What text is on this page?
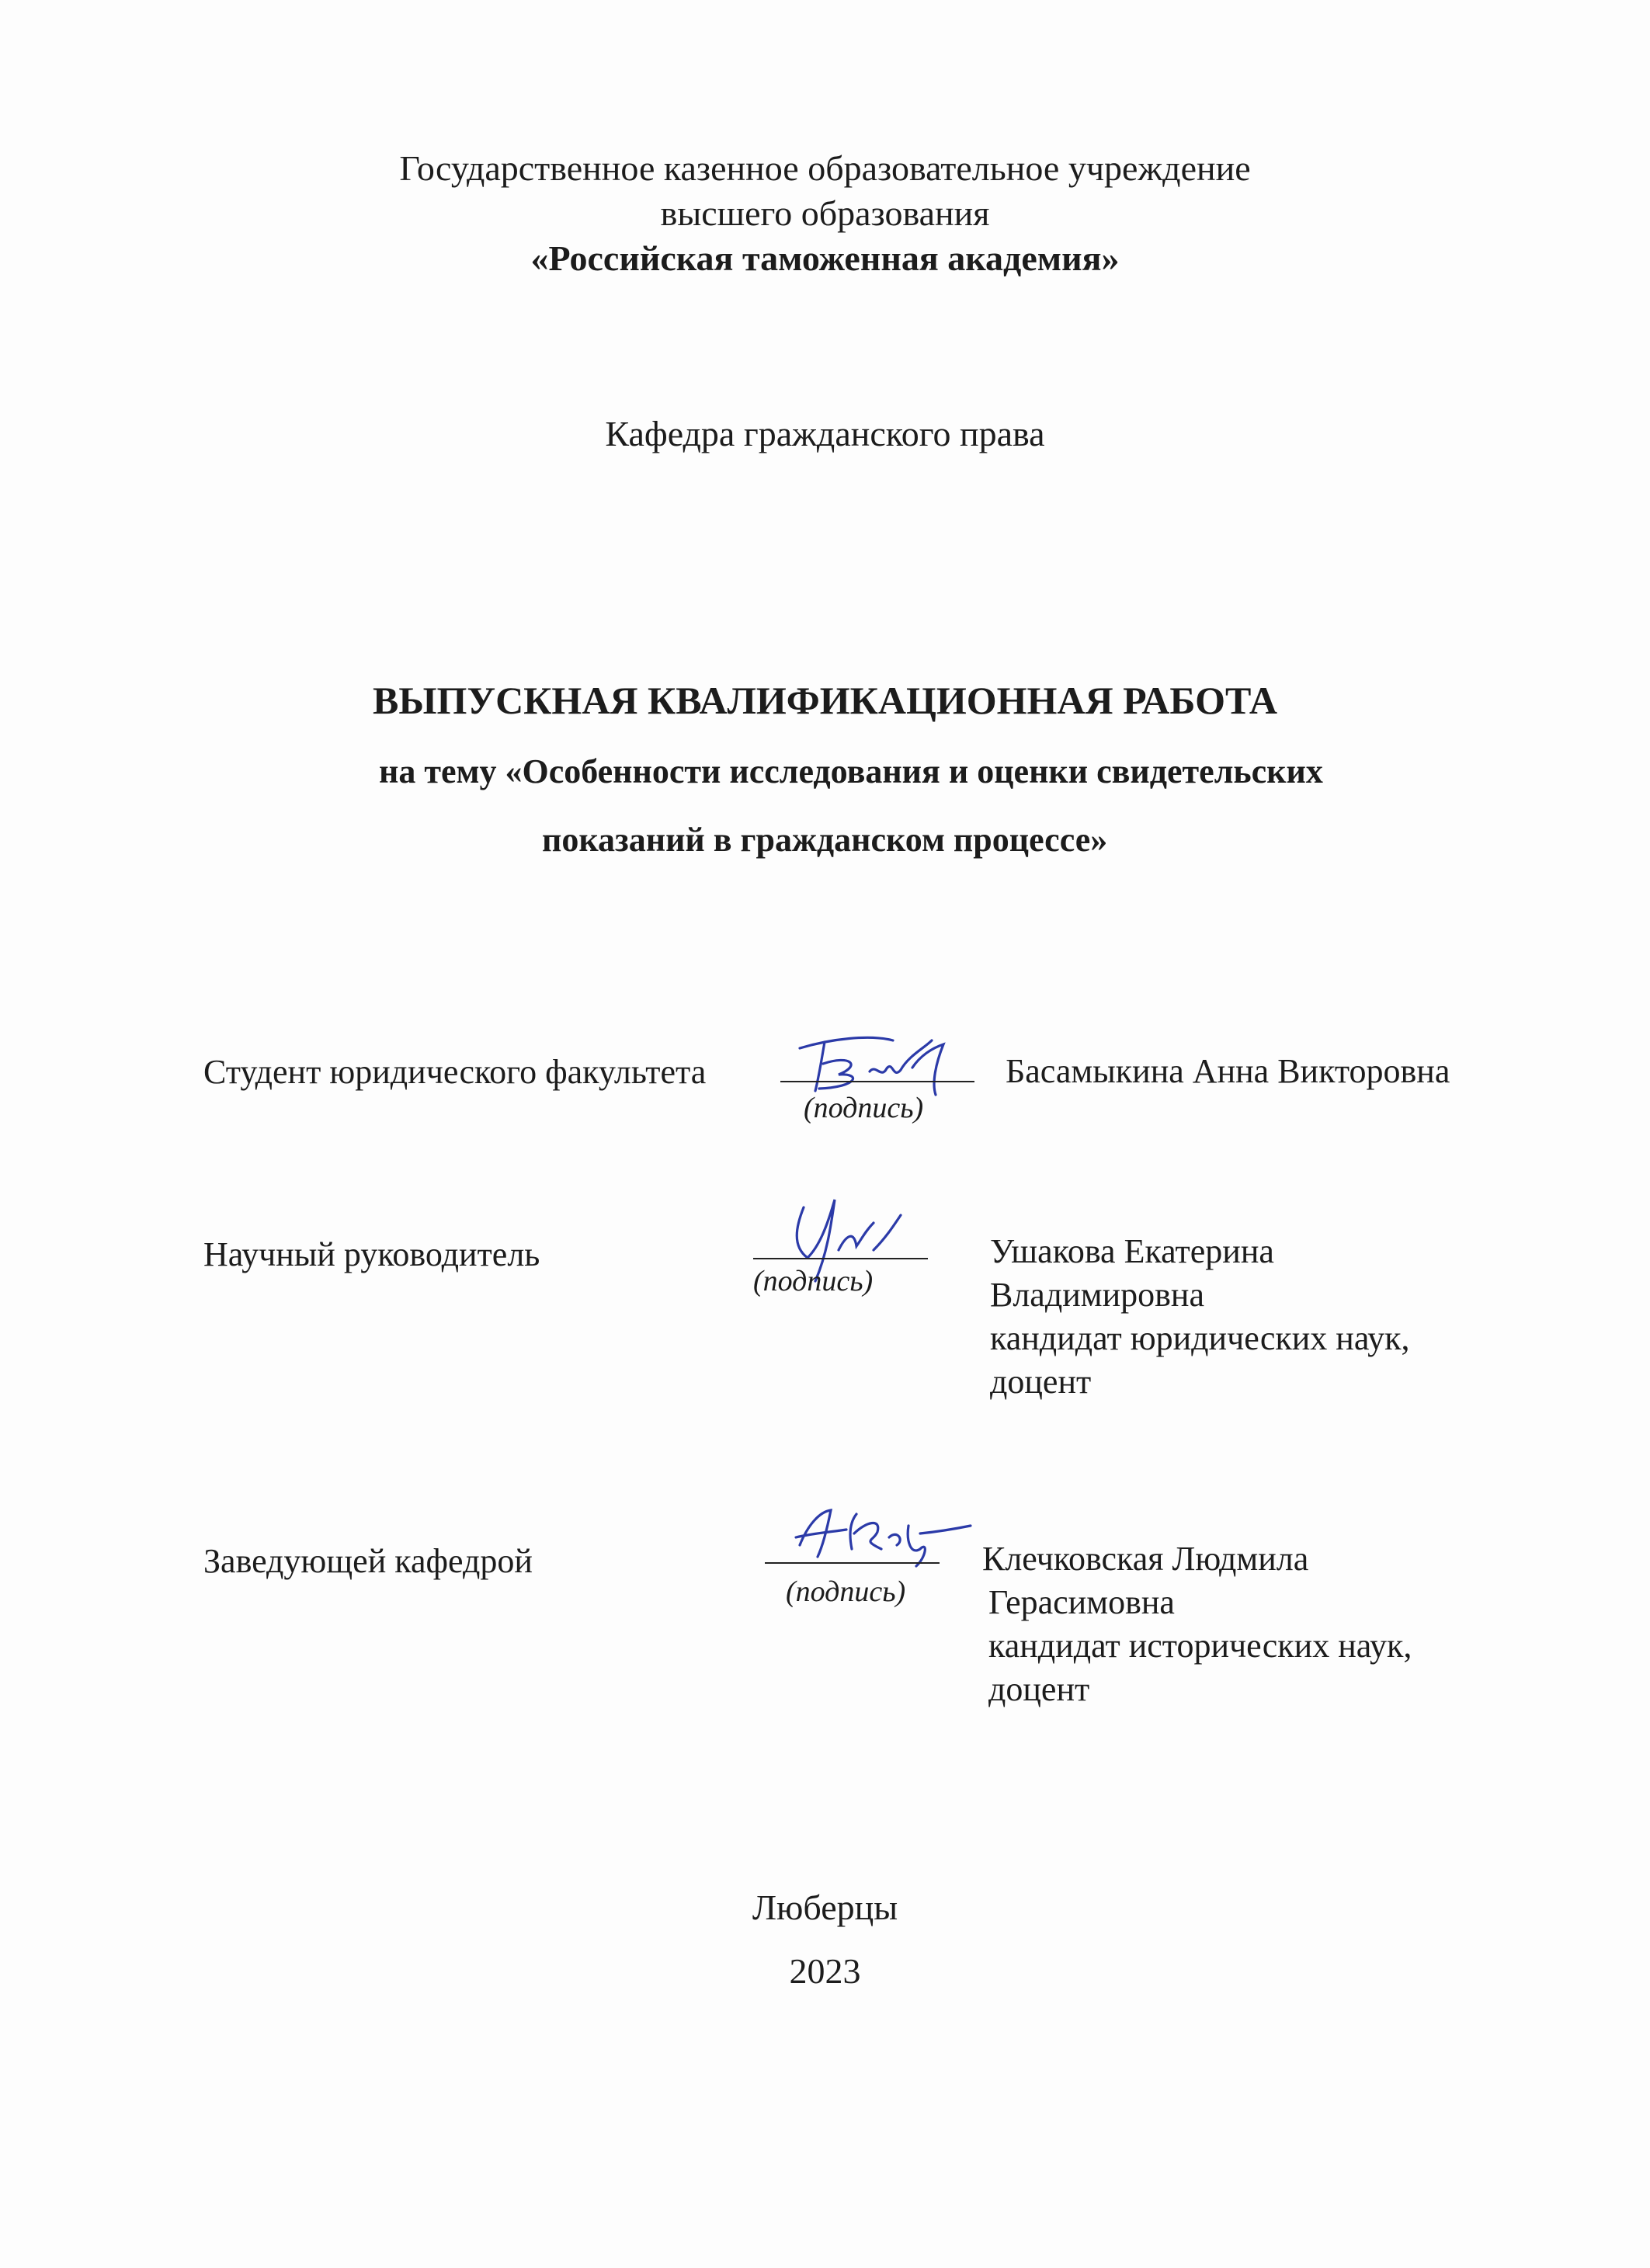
Государственное казенное образовательное учреждение
высшего образования
«Российская таможенная академия»
Кафедра гражданского права
ВЫПУСКНАЯ КВАЛИФИКАЦИОННАЯ РАБОТА
на тему «Особенности исследования и оценки свидетельских
показаний в гражданском процессе»
Студент юридического факультета
(подпись)
Басамыкина Анна Викторовна
Научный руководитель
(подпись)
Ушакова Екатерина
Владимировна
кандидат юридических наук,
доцент
Заведующей кафедрой
(подпись)
Клечковская Людмила
Герасимовна
кандидат исторических наук,
доцент
Люберцы
2023
